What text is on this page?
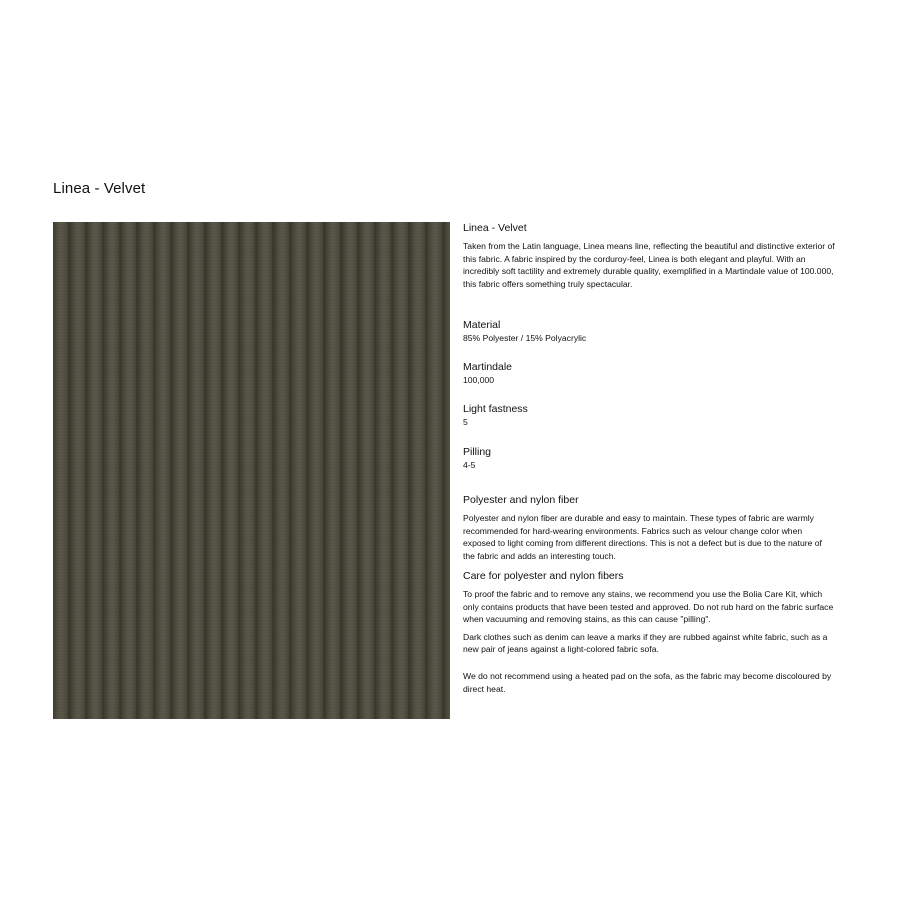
Linea - Velvet
Linea - Velvet

Taken from the Latin language, Linea means line, reflecting the beautiful and distinctive exterior of this fabric. A fabric inspired by the corduroy-feel, Linea is both elegant and playful. With an incredibly soft tactility and extremely durable quality, exemplified in a Martindale value of 100.000, this fabric offers something truly spectacular.

Material
85% Polyester / 15% Polyacrylic
Martindale
100,000
Light fastness
5
Pilling
4-5
Polyester and nylon fiber
Polyester and nylon fiber are durable and easy to maintain. These types of fabric are warmly recommended for hard-wearing environments. Fabrics such as velour change color when exposed to light coming from different directions. This is not a defect but is due to the nature of the fabric and adds an interesting touch.
Care for polyester and nylon fibers
To proof the fabric and to remove any stains, we recommend you use the Bolia Care Kit, which only contains products that have been tested and approved. Do not rub hard on the fabric surface when vacuuming and removing stains, as this can cause "pilling".
Dark clothes such as denim can leave a marks if they are rubbed against white fabric, such as a new pair of jeans against a light-colored fabric sofa.
We do not recommend using a heated pad on the sofa, as the fabric may become discoloured by direct heat.
